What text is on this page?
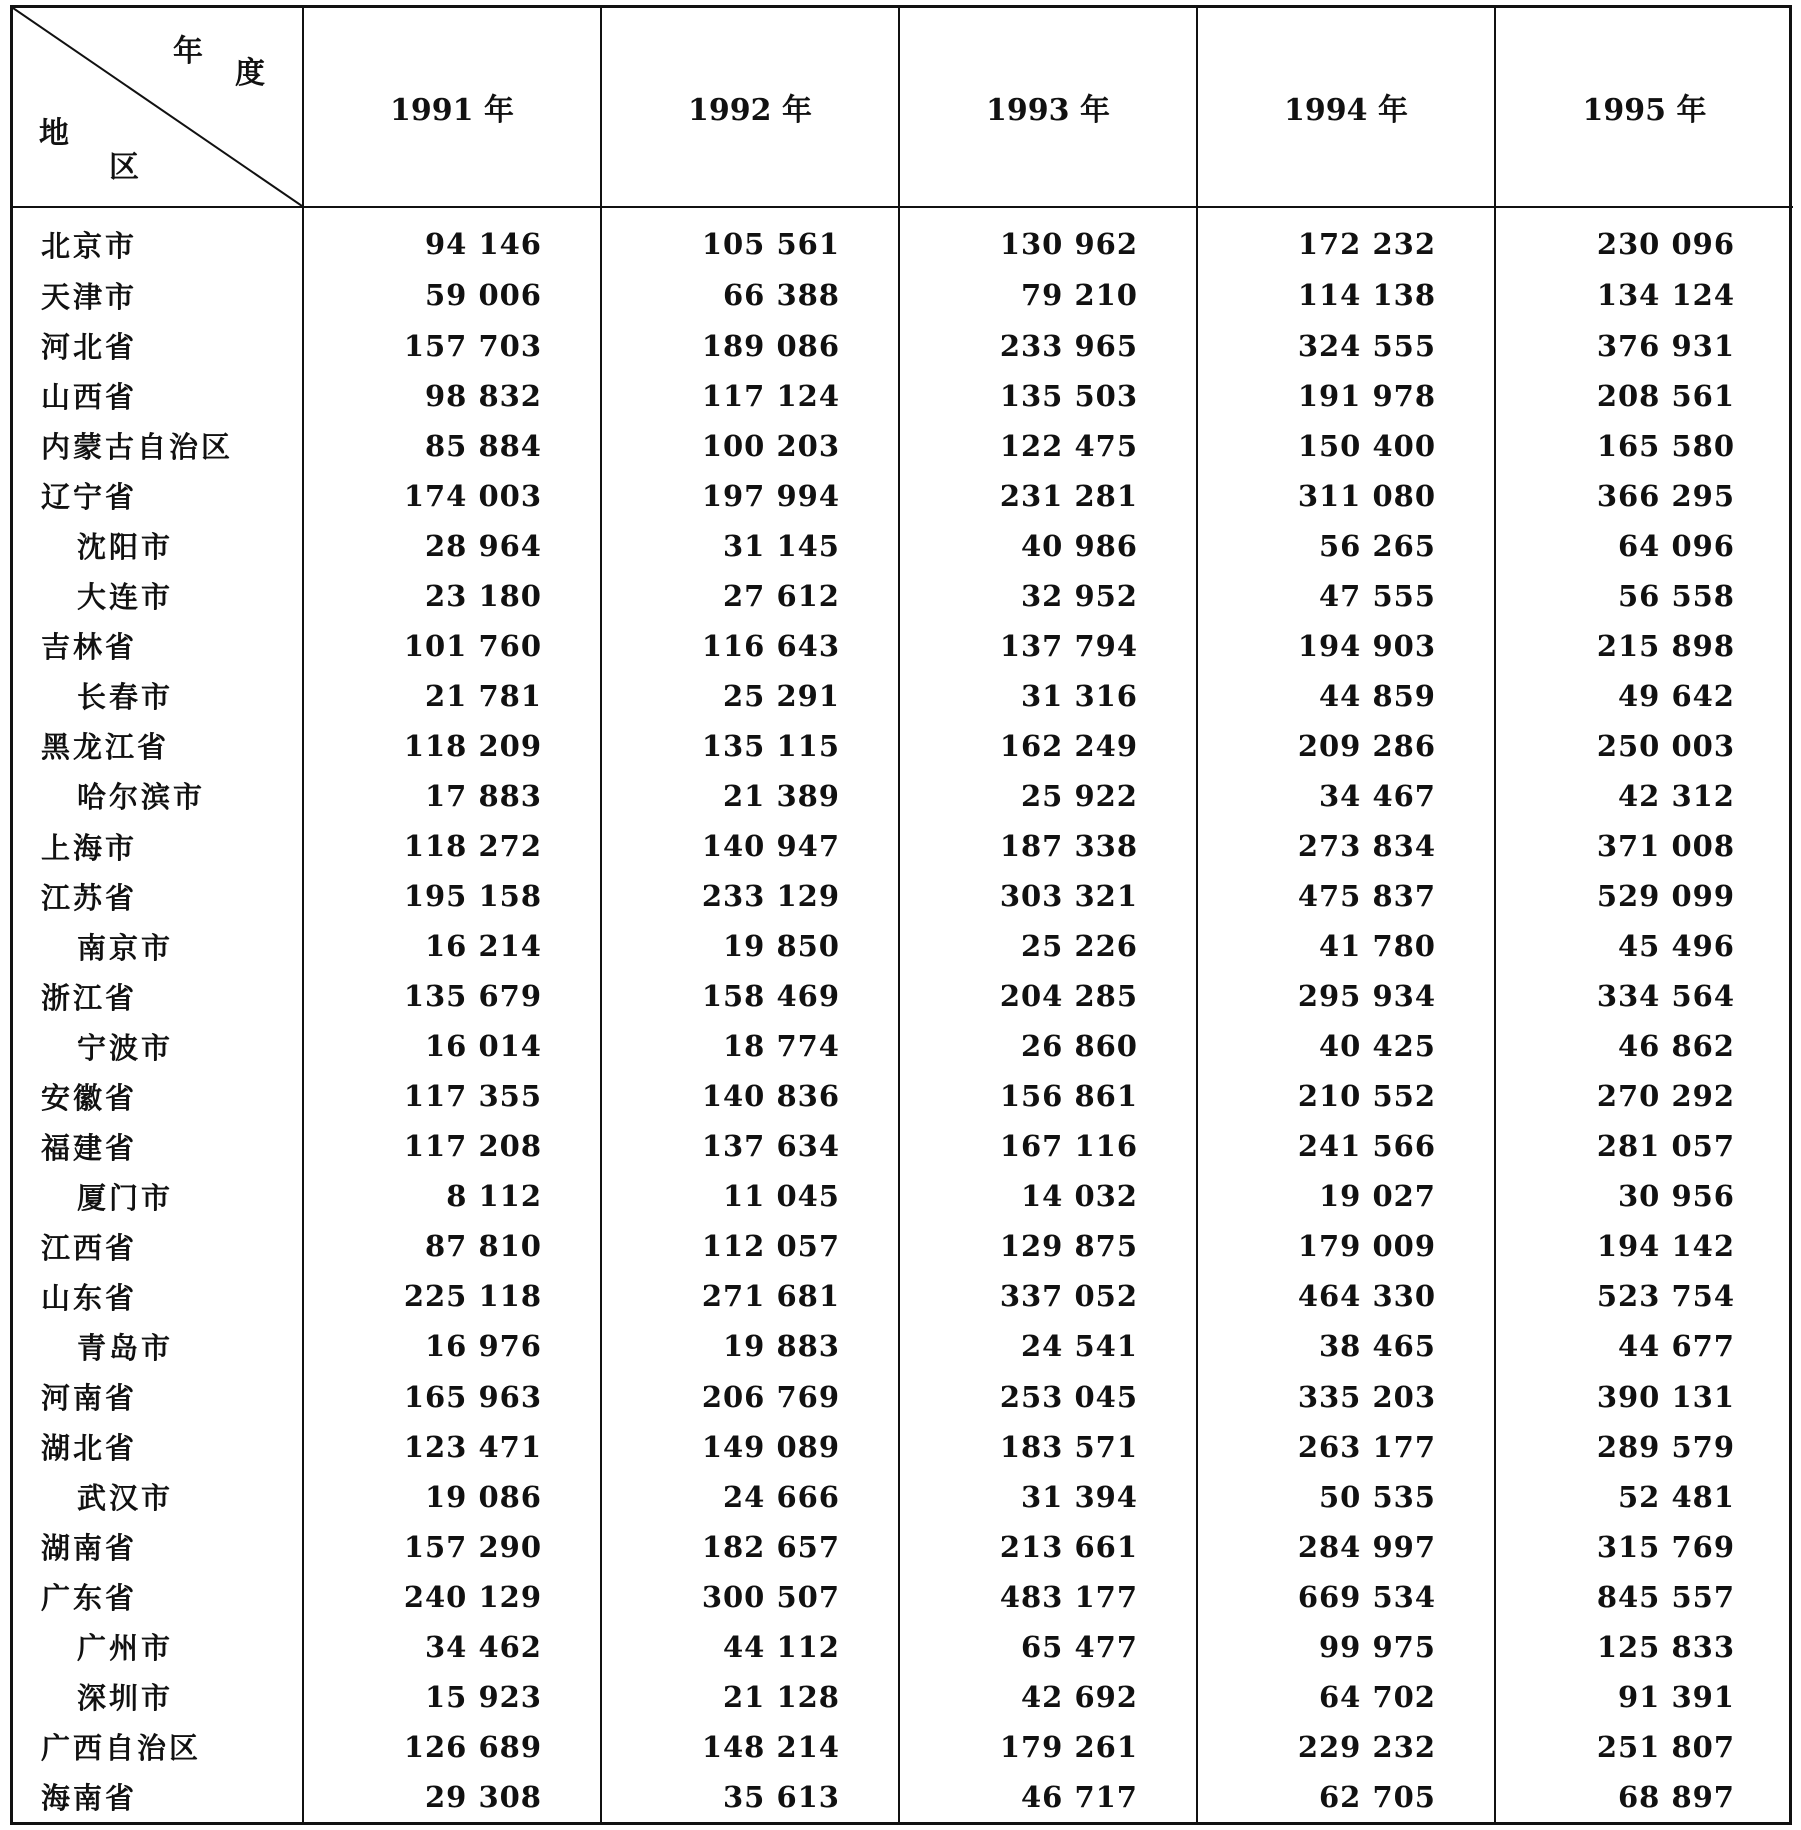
年
度
地
区	1991 年	1992 年	1993 年	1994 年	1995 年
北京市	94 146	105 561	130 962	172 232	230 096
天津市	59 006	66 388	79 210	114 138	134 124
河北省	157 703	189 086	233 965	324 555	376 931
山西省	98 832	117 124	135 503	191 978	208 561
内蒙古自治区	85 884	100 203	122 475	150 400	165 580
辽宁省	174 003	197 994	231 281	311 080	366 295
沈阳市	28 964	31 145	40 986	56 265	64 096
大连市	23 180	27 612	32 952	47 555	56 558
吉林省	101 760	116 643	137 794	194 903	215 898
长春市	21 781	25 291	31 316	44 859	49 642
黑龙江省	118 209	135 115	162 249	209 286	250 003
哈尔滨市	17 883	21 389	25 922	34 467	42 312
上海市	118 272	140 947	187 338	273 834	371 008
江苏省	195 158	233 129	303 321	475 837	529 099
南京市	16 214	19 850	25 226	41 780	45 496
浙江省	135 679	158 469	204 285	295 934	334 564
宁波市	16 014	18 774	26 860	40 425	46 862
安徽省	117 355	140 836	156 861	210 552	270 292
福建省	117 208	137 634	167 116	241 566	281 057
厦门市	8 112	11 045	14 032	19 027	30 956
江西省	87 810	112 057	129 875	179 009	194 142
山东省	225 118	271 681	337 052	464 330	523 754
青岛市	16 976	19 883	24 541	38 465	44 677
河南省	165 963	206 769	253 045	335 203	390 131
湖北省	123 471	149 089	183 571	263 177	289 579
武汉市	19 086	24 666	31 394	50 535	52 481
湖南省	157 290	182 657	213 661	284 997	315 769
广东省	240 129	300 507	483 177	669 534	845 557
广州市	34 462	44 112	65 477	99 975	125 833
深圳市	15 923	21 128	42 692	64 702	91 391
广西自治区	126 689	148 214	179 261	229 232	251 807
海南省	29 308	35 613	46 717	62 705	68 897
